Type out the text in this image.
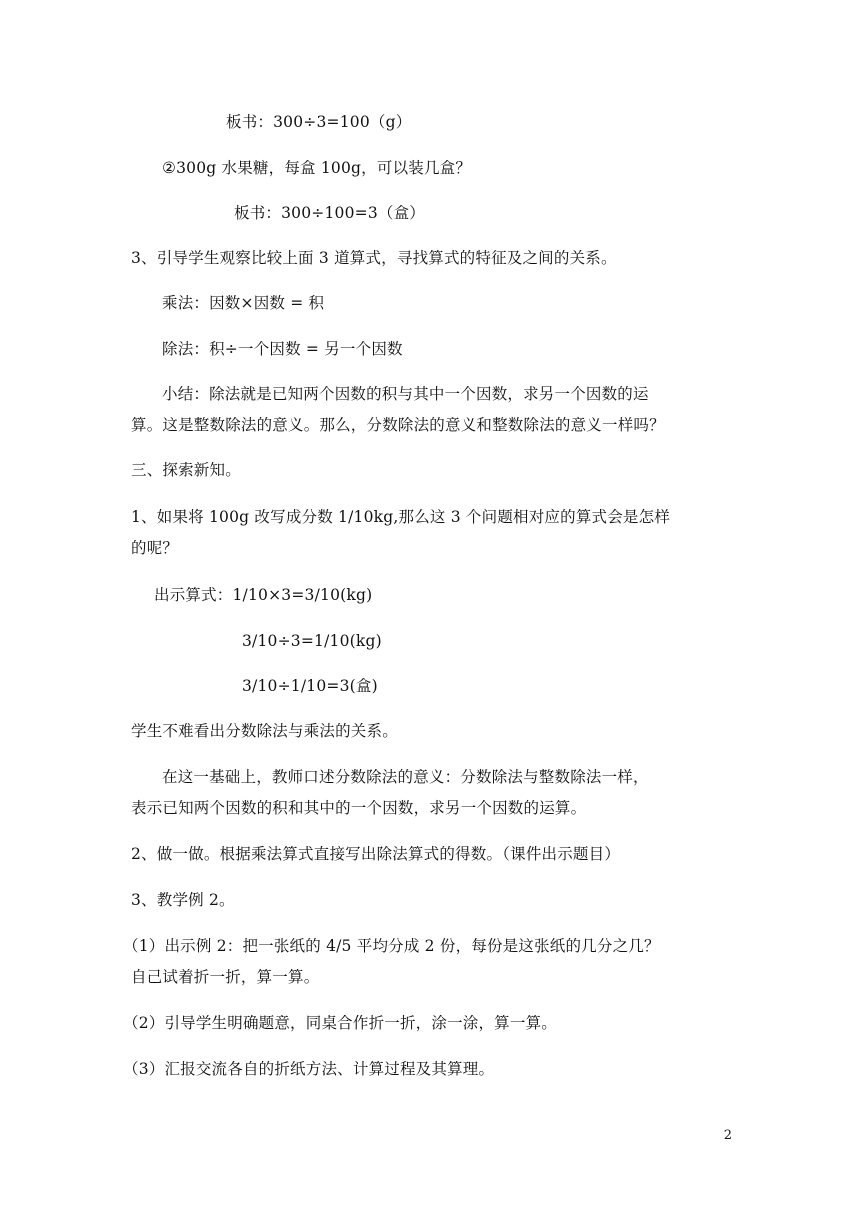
板书：300÷3=100（g）
②300g 水果糖，每盒 100g，可以装几盒？
板书：300÷100=3（盒）
3、引导学生观察比较上面 3 道算式，寻找算式的特征及之间的关系。
乘法：因数×因数 = 积
除法：积÷一个因数 = 另一个因数
小结：除法就是已知两个因数的积与其中一个因数，求另一个因数的运
算。这是整数除法的意义。那么，分数除法的意义和整数除法的意义一样吗？
三、探索新知。
1、如果将 100g 改写成分数 1/10kg,那么这 3 个问题相对应的算式会是怎样
的呢？
出示算式：1/10×3=3/10(kg)
3/10÷3=1/10(kg)
3/10÷1/10=3(盒)
学生不难看出分数除法与乘法的关系。
在这一基础上，教师口述分数除法的意义：分数除法与整数除法一样，
表示已知两个因数的积和其中的一个因数，求另一个因数的运算。
2、做一做。根据乘法算式直接写出除法算式的得数。（课件出示题目）
3、教学例 2。
（1）出示例 2：把一张纸的 4/5 平均分成 2 份，每份是这张纸的几分之几？
自己试着折一折，算一算。
（2）引导学生明确题意，同桌合作折一折，涂一涂，算一算。
（3）汇报交流各自的折纸方法、计算过程及其算理。
2
